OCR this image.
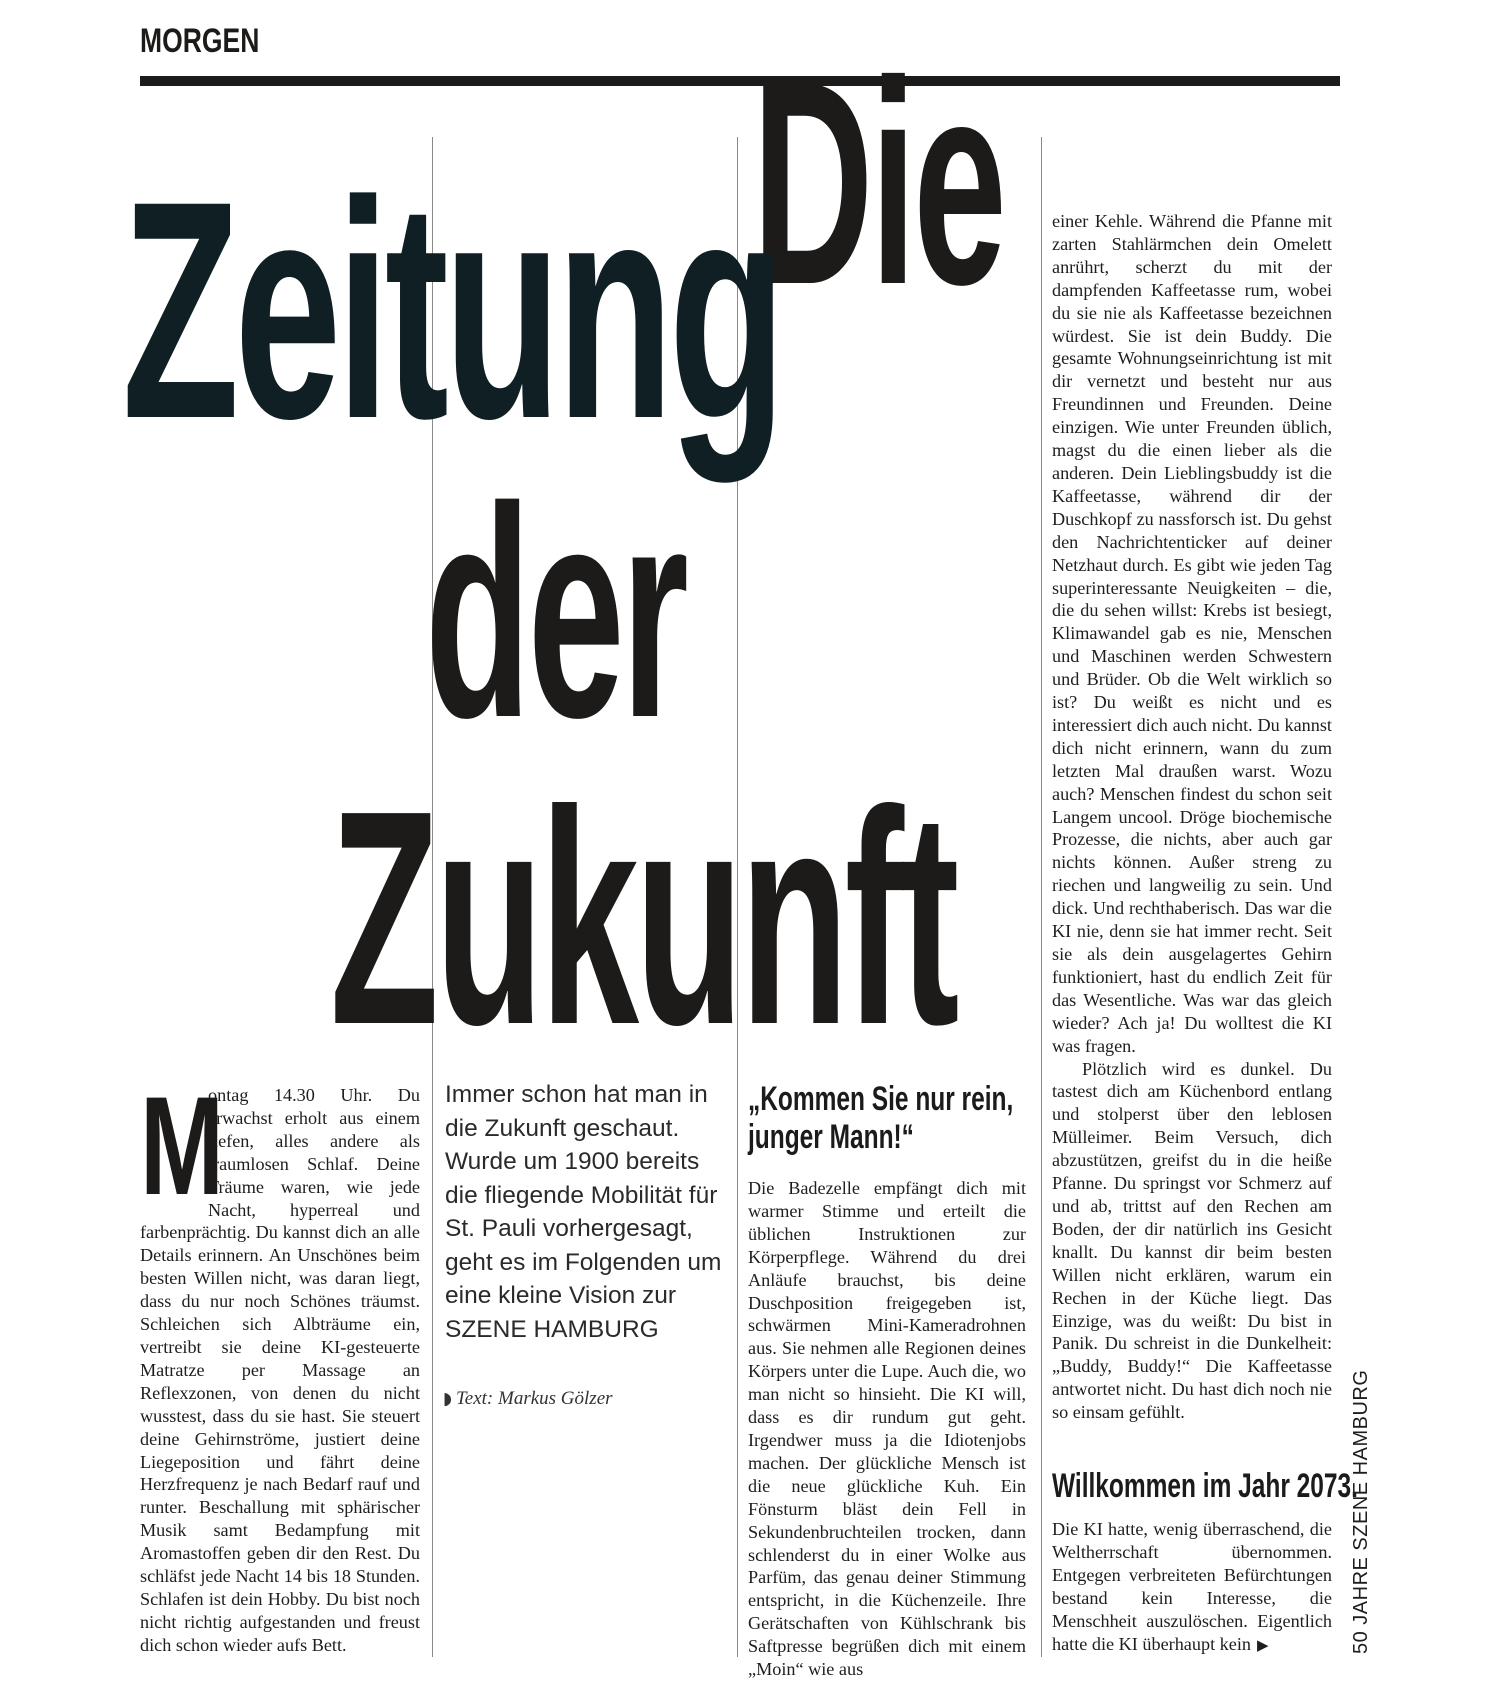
MORGEN Die
Zeitung
der
Zukunft
M

ontag 14.30 Uhr. Du erwachst erholt aus einem tiefen, alles andere als traumlosen Schlaf. Deine Träume waren, wie jede Nacht, hyperreal und farbenprächtig. Du kannst dich an alle Details erinnern. An Unschönes beim besten Willen nicht, was daran liegt, dass du nur noch Schönes träumst. Schleichen sich Albträume ein, vertreibt sie deine KI-gesteuerte Matratze per Massage an Reflexzonen, von denen du nicht wusstest, dass du sie hast. Sie steuert deine Gehirnströme, justiert deine Liegeposition und fährt deine Herzfrequenz je nach Bedarf rauf und runter. Beschallung mit sphärischer Musik samt Bedampfung mit Aromastoffen geben dir den Rest. Du schläfst jede Nacht 14 bis 18 Stunden. Schlafen ist dein Hobby. Du bist noch nicht richtig aufgestanden und freust dich schon wieder aufs Bett.

Immer schon hat man in die Zukunft geschaut. Wurde um 1900 bereits die fliegende Mobilität für St. Pauli vorhergesagt, geht es im Folgenden um eine kleine Vision zur SZENE HAMBURG
◗ Text: Markus Gölzer
„Kommen Sie nur rein,
junger Mann!“

Die Badezelle empfängt dich mit warmer Stimme und erteilt die üblichen Instruktionen zur Körperpflege. Während du drei Anläufe brauchst, bis deine Duschposition freigegeben ist, schwärmen Mini-Kameradrohnen aus. Sie nehmen alle Regionen deines Körpers unter die Lupe. Auch die, wo man nicht so hinsieht. Die KI will, dass es dir rundum gut geht. Irgendwer muss ja die Idiotenjobs machen. Der glückliche Mensch ist die neue glückliche Kuh. Ein Fönsturm bläst dein Fell in Sekundenbruchteilen trocken, dann schlenderst du in einer Wolke aus Parfüm, das genau deiner Stimmung entspricht, in die Küchenzeile. Ihre Gerätschaften von Kühlschrank bis Saftpresse begrüßen dich mit einem „Moin“ wie aus

einer Kehle. Während die Pfanne mit zarten Stahlärmchen dein Omelett anrührt, scherzt du mit der dampfenden Kaffeetasse rum, wobei du sie nie als Kaffeetasse bezeichnen würdest. Sie ist dein Buddy. Die gesamte Wohnungseinrichtung ist mit dir vernetzt und besteht nur aus Freundinnen und Freunden. Deine einzigen. Wie unter Freunden üblich, magst du die einen lieber als die anderen. Dein Lieblingsbuddy ist die Kaffeetasse, während dir der Duschkopf zu nassforsch ist. Du gehst den Nachrichtenticker auf deiner Netzhaut durch. Es gibt wie jeden Tag superinteressante Neuigkeiten – die, die du sehen willst: Krebs ist besiegt, Klimawandel gab es nie, Menschen und Maschinen werden Schwestern und Brüder. Ob die Welt wirklich so ist? Du weißt es nicht und es interessiert dich auch nicht. Du kannst dich nicht erinnern, wann du zum letzten Mal draußen warst. Wozu auch? Menschen findest du schon seit Langem uncool. Dröge biochemische Prozesse, die nichts, aber auch gar nichts können. Außer streng zu riechen und langweilig zu sein. Und dick. Und rechthaberisch. Das war die KI nie, denn sie hat immer recht. Seit sie als dein ausgelagertes Gehirn funktioniert, hast du endlich Zeit für das Wesentliche. Was war das gleich wieder? Ach ja! Du wolltest die KI was fragen.

Plötzlich wird es dunkel. Du tastest dich am Küchenbord entlang und stolperst über den leblosen Mülleimer. Beim Versuch, dich abzustützen, greifst du in die heiße Pfanne. Du springst vor Schmerz auf und ab, trittst auf den Rechen am Boden, der dir natürlich ins Gesicht knallt. Du kannst dir beim besten Willen nicht erklären, warum ein Rechen in der Küche liegt. Das Einzige, was du weißt: Du bist in Panik. Du schreist in die Dunkelheit: „Buddy, Buddy!“ Die Kaffeetasse antwortet nicht. Du hast dich noch nie so einsam gefühlt.

Willkommen im Jahr 2073.

Die KI hatte, wenig überraschend, die Weltherrschaft übernommen. Entgegen verbreiteten Befürchtungen bestand kein Interesse, die Menschheit auszulöschen. Eigentlich hatte die KI überhaupt kein ▶	50 JAHRE SZENE HAMBURG
